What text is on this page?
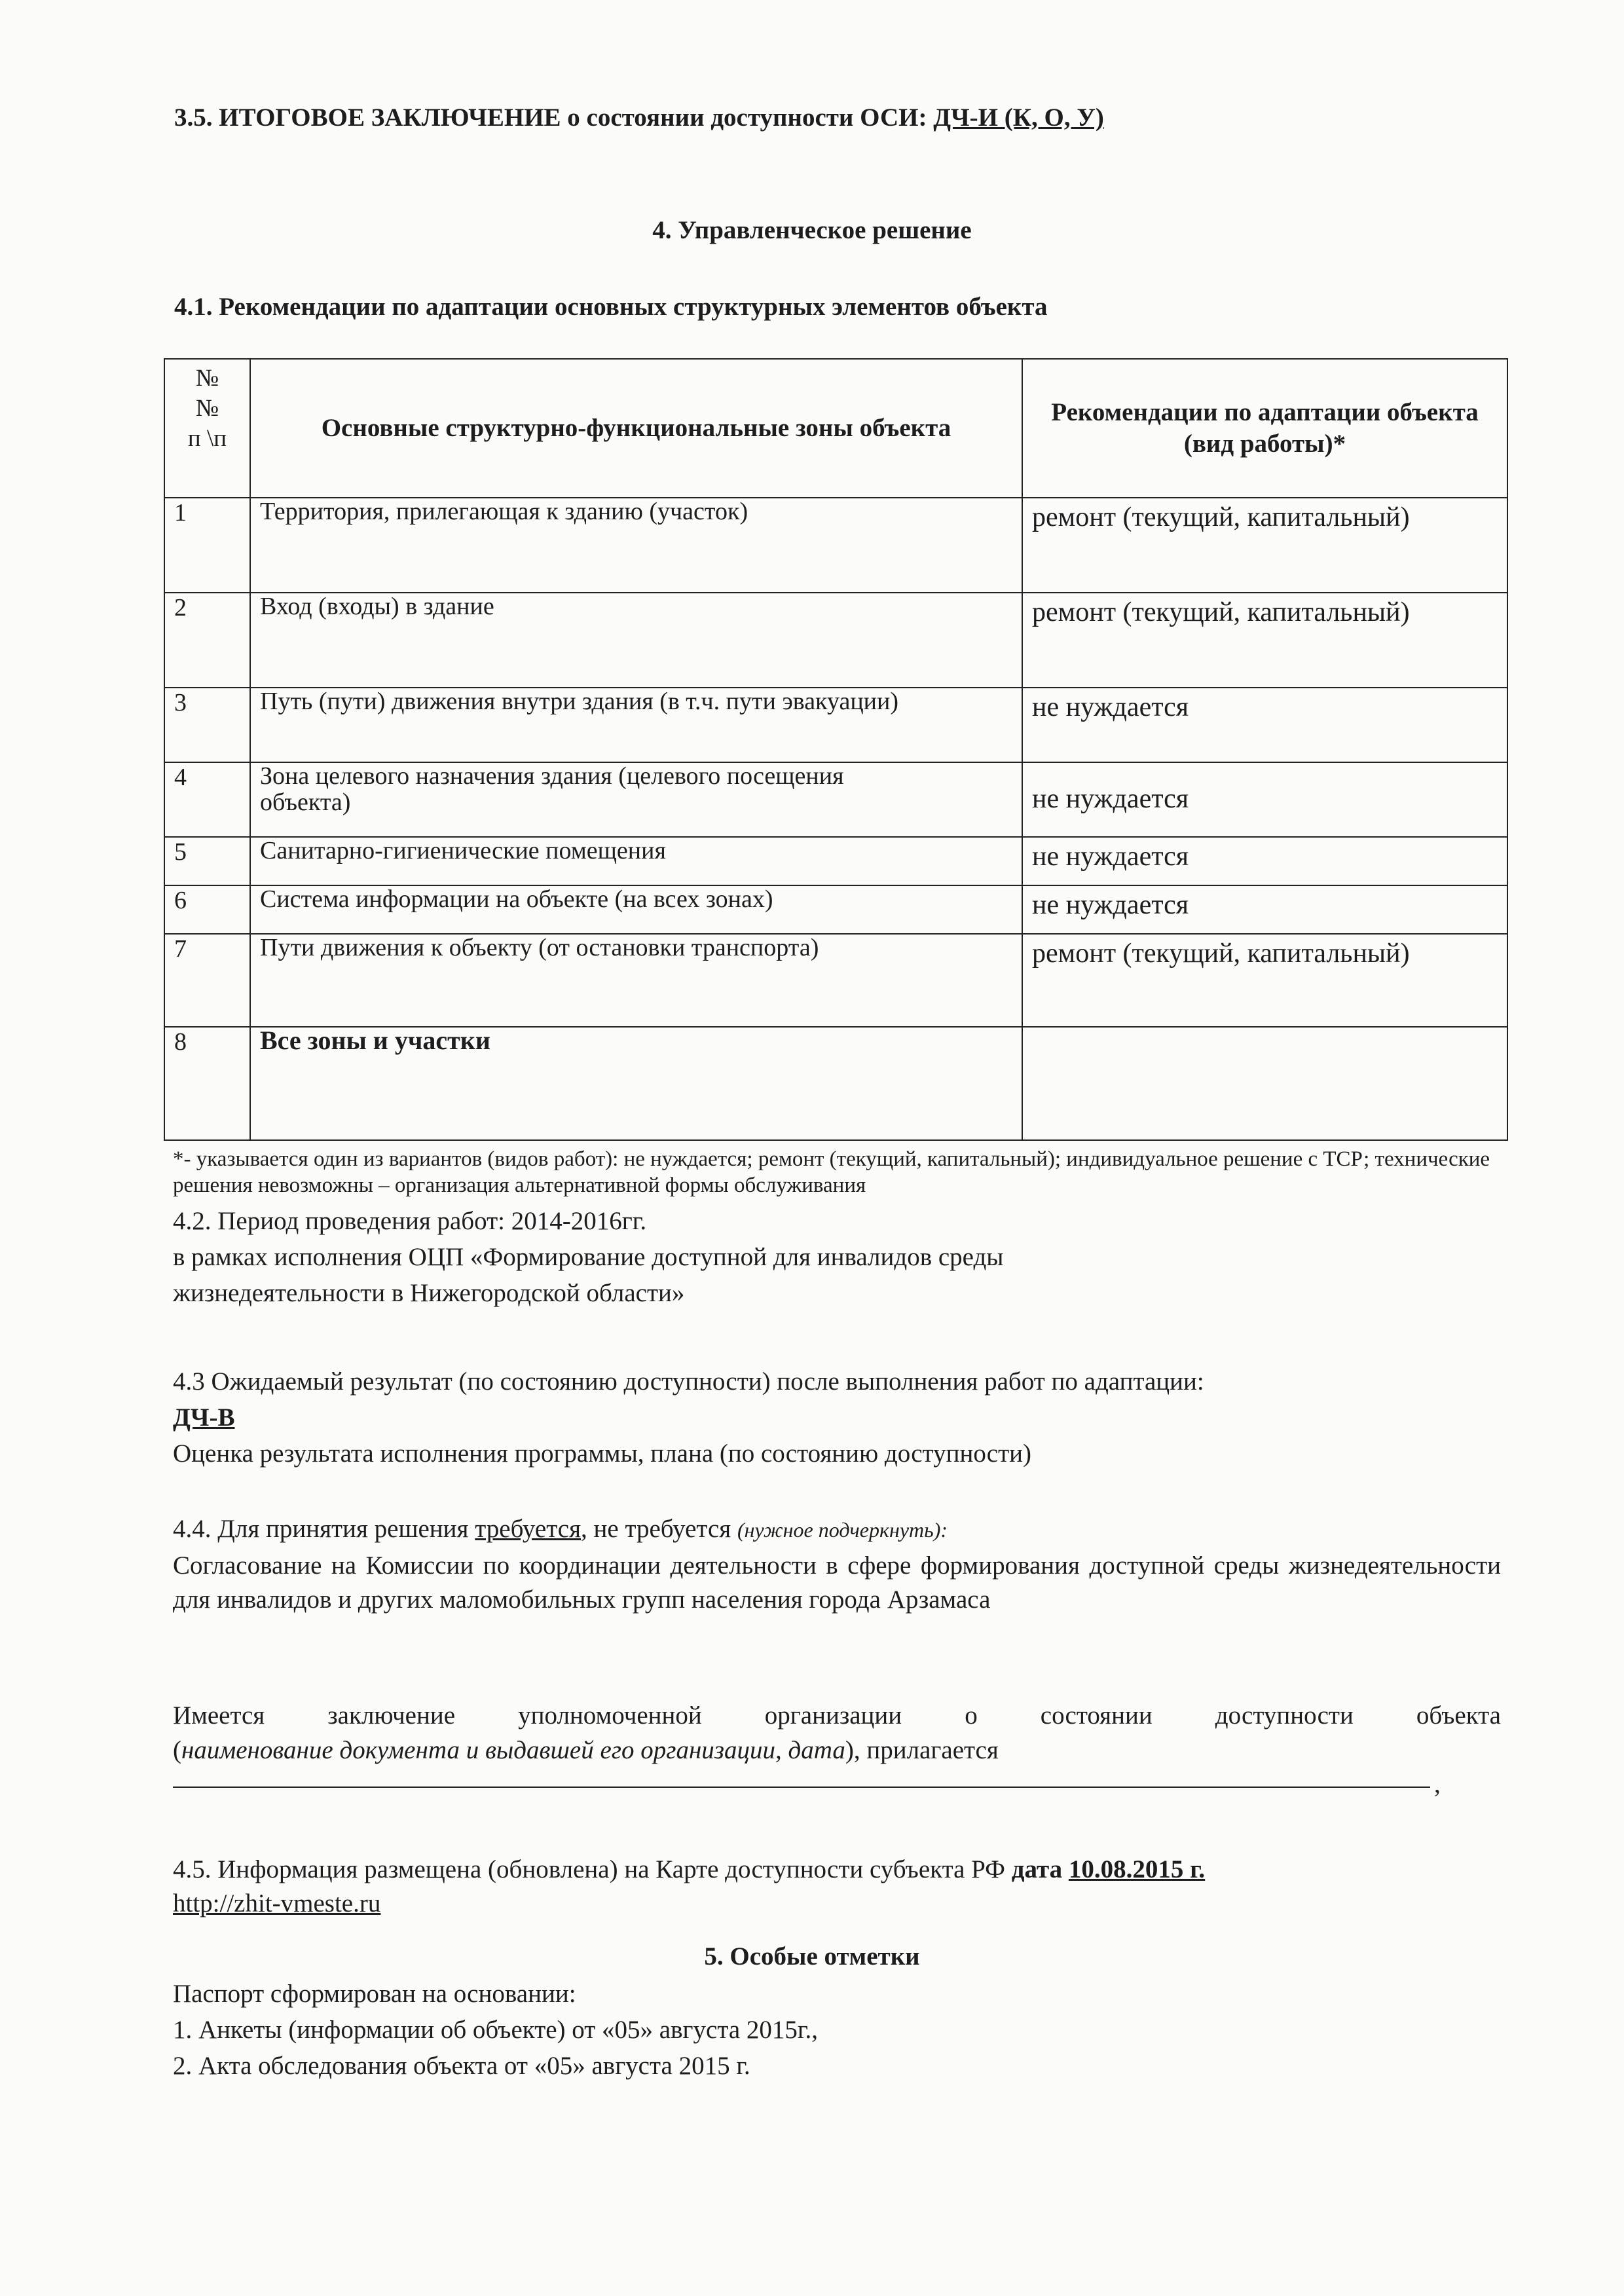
3.5. ИТОГОВОЕ ЗАКЛЮЧЕНИЕ о состоянии доступности ОСИ: ДЧ-И (К, О, У)
4. Управленческое решение
4.1. Рекомендации по адаптации основных структурных элементов объекта
№
№
п \п	Основные структурно-функциональные зоны объекта	Рекомендации по адаптации объекта (вид работы)*
1	Территория, прилегающая к зданию (участок)	ремонт (текущий, капитальный)
2	Вход (входы) в здание	ремонт (текущий, капитальный)
3	Путь (пути) движения внутри здания (в т.ч. пути эвакуации)	не нуждается
4	Зона целевого назначения здания (целевого посещения объекта)	не нуждается
5	Санитарно-гигиенические помещения	не нуждается
6	Система информации на объекте (на всех зонах)	не нуждается
7	Пути движения к объекту (от остановки транспорта)	ремонт (текущий, капитальный)
8	Все зоны и участки	
*- указывается один из вариантов (видов работ): не нуждается; ремонт (текущий, капитальный); индивидуальное решение с ТСР; технические решения невозможны – организация альтернативной формы обслуживания
4.2. Период проведения работ: 2014-2016гг.
в рамках исполнения ОЦП «Формирование доступной для инвалидов среды
жизнедеятельности в Нижегородской области»
4.3 Ожидаемый результат (по состоянию доступности) после выполнения работ по адаптации:
ДЧ-В
Оценка результата исполнения программы, плана (по состоянию доступности)
4.4. Для принятия решения требуется, не требуется (нужное подчеркнуть):
Согласование на Комиссии по координации деятельности в сфере формирования доступной среды жизнедеятельности для инвалидов и других маломобильных групп населения города Арзамаса
Имеется заключение уполномоченной организации о состоянии доступности объекта
(наименование документа и выдавшей его организации, дата), прилагается
,
4.5. Информация размещена (обновлена) на Карте доступности субъекта РФ дата 10.08.2015 г.
http://zhit-vmeste.ru
5. Особые отметки
Паспорт сформирован на основании:
1. Анкеты (информации об объекте) от «05» августа 2015г.,
2. Акта обследования объекта от «05» августа 2015 г.
